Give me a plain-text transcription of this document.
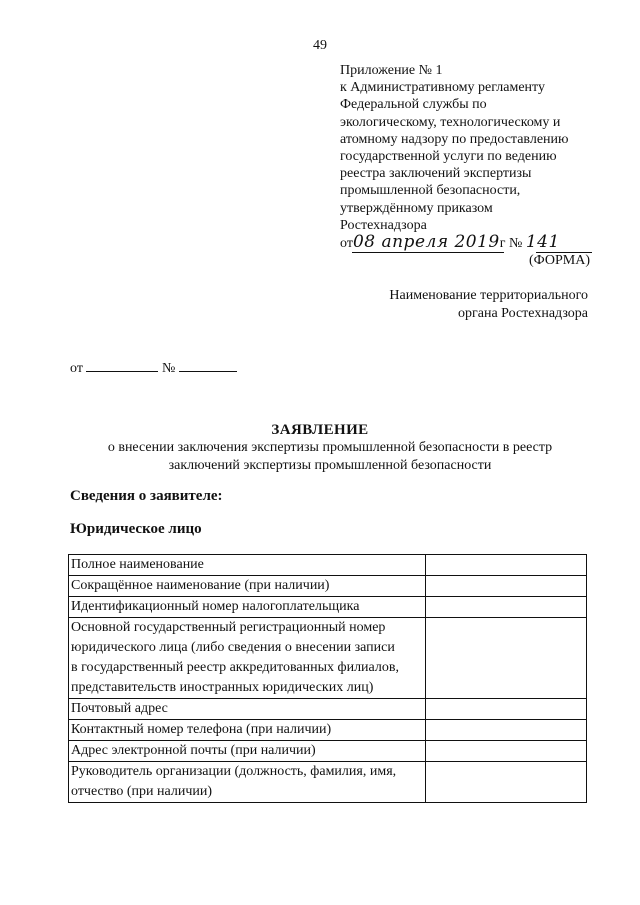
49
Приложение № 1
к Административному регламенту
Федеральной службы по
экологическому, технологическому и
атомному надзору по предоставлению
государственной услуги по ведению
реестра заключений экспертизы
промышленной безопасности,
утверждённому приказом
Ростехнадзора
от08 апреля 2019г № 141
(ФОРМА)
Наименование территориального
органа Ростехнадзора
от	№
ЗАЯВЛЕНИЕ
о внесении заключения экспертизы промышленной безопасности в реестр
заключений экспертизы промышленной безопасности
Сведения о заявителе:
Юридическое лицо
Полное наименование	

Сокращённое наименование (при наличии)	

Идентификационный номер налогоплательщика	

Основной государственный регистрационный номер
юридического лица (либо сведения о внесении записи
в государственный реестр аккредитованных филиалов,
представительств иностранных юридических лиц)	

Почтовый адрес	

Контактный номер телефона (при наличии)	

Адрес электронной почты (при наличии)	

Руководитель организации (должность, фамилия, имя,
отчество (при наличии)	
